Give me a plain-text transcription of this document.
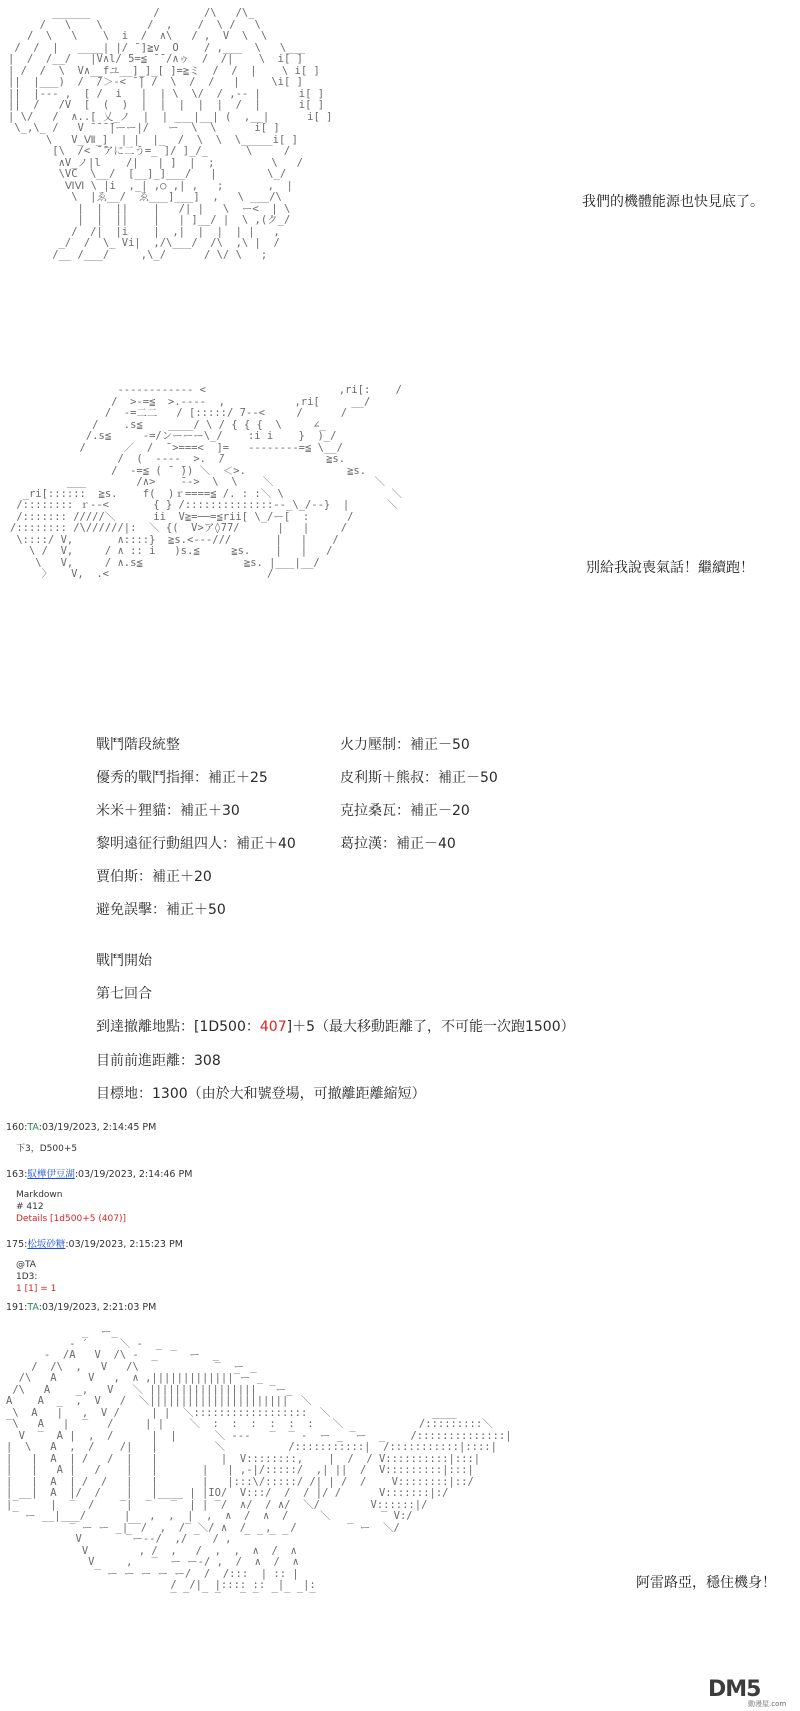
______          /       /\   /\_
/   \    \       /  ,    /  \ /   \
/  \   \    \  i  /  ∧\   / ,  V  \  \
/  /  |   ____| |/ ̄ ]≧v  O    / ,___  \   \___
|  /  /__/   |V∧l/ 5=≦ ̄ ̄ /∧ゥ  /  /|    \  i[ ]
| /  /  \  V∧__fユ__]_]_[ ]=≧ミ  /  /  |    \ i[ ]
||  |___)  /  ̄/＞-< ̄ ̄| /  \  /  /   |     \i[ ]
||  |--- ,  [ /  i   |  | \  \/  / ,-- |      i[ ]
||  /   /V  [  (  )  |  |  |  |  |  /  |      i[ ]
| \/   /  ∧..[ 乂_ノ  |  | ___|__| (  ,__|      i[ ]
\_,\_ /   V ̄ ̄ ̄ ̄|ーー|/   ー  \  \      i[ ]
\   V_Ⅶ_]  | |  |_  /  \  \  \_____i[ ]
[\  /< ̄ ̄アに二う=_ ]/ ]_/_      \     /
∧V_ノ|l    /|   | ]  |  ;         \   /
\VC  \__/  [__]_]___/   |        \_/
ⅥⅥ \ |i  ,_| ,○ ,| ,   ;       ,  |
\  |ゑ__/  ゑ___]___]  ,   \ ___/\
|  |  ||    |   /| |   \  ー<  | \
|  |  ||    |   | ]__/ |  \ ,(ク_/
/  /|  |i    |  ,|  |  |  | |   ,
_/  /  \_ Vi|  ,/\___/  /\  ,\ |  /
/__ /___/     ,\_/      / \/ \   ;

我們的機體能源也快見底了。
------------ <                     ,ri[:    /
/  >-=≦  >.----  ,           ,ri[     __/
/  -=二二   / [:::::/ 7--<     /      /
/    .s≦    ____/ \ / { { {  \     ∠_
/.s≦     -=/ンーーー\_/    :i i    }  )_/
/      ／  /  ̄ >===<  ]=   --------=≦ \__/
/  (  ----  >.  ̄/                ≧s.
/  -=≦ ( ̄  ̄)) ＼  ＜>.                ≧s.
___        /∧>    ̄-->  \  \    ＼                ＼
_ri[::::::  ≧s.    f(  )ｒ====≦ /. : :＼ \                 ＼
/:::::::: ｒ--<       { } /::::::::::::::--_\_/--}  |      ＼
/::::::: /////＼      ii  V≧=──=≦rii[ \_/ー[  :      /
/:::::::: /\//////|:  ＼ {(  V>ア◊77/      |   |     /
\::::/ V,       ∧::::}  ≧s.<---///       |   |    /
\ /  V,     / ∧ :: i   )s.≦     ≧s.    |   |   /
\   V,     / ∧.s≦                ≧s. |___|__/
〉   V,  .<                         /	別給我說喪氣話！繼續跑！
戰鬥階段統整
優秀的戰鬥指揮：補正＋25
米米＋狸貓：補正＋30
黎明遠征行動組四人：補正＋40
賈伯斯：補正＋20
避免誤擊：補正＋50
火力壓制：補正－50
皮利斯＋熊叔：補正－50
克拉桑瓦：補正－20
葛拉漢：補正－40
戰鬥開始
第七回合
到達撤離地點：[1D500：407]＋5（最大移動距離了，不可能一次跑1500）
目前前進距離：308
目標地：1300（由於大和號登場，可撤離距離縮短）
160:TA:03/19/2023, 2:14:45 PM
下3，D500+5
163:馭樺伊豆湖:03/19/2023, 2:14:46 PM
Markdown
# 412
Details [1d500+5 (407)]
175:松坂砂糖:03/19/2023, 2:15:23 PM
@TA
1D3:
1 [1] = 1
191:TA:03/19/2023, 2:21:03 PM
_  ー_
- ′     ＼ -  _
-  /A   V  /\ -  _  ‾  ー  _
/  /\  ,   V   /\            ‾  ー _
/\   A     V   ,  ∧ ,|||||||||||||‾ー _
/\   A    _,   V   ＼ |||||||||||||||||  ‾ー_
A    A  _  ,  V   /  ＼||||||||||||||||||||||  ＼
\  A   |   ,  V /     | |  ＼::::::::::::::::::  ＼                ____
‾\   A   |  ‾   /     | |    ＼  :  :  :  :  :  :   ＼            /:::::::::＼
V  ‾  A |  ,  /      |  |      ＼ ---   ‾  ‾ -  ー _ ‾ー  _    /::::::::::::::|
|  \   A  ,  /    /|   |         ＼          /:::::::::::|  /:::::::::::|::::|
|   |  A  | /   /  |   |          |  V::::::::,    |  /  / V::::::::::|:::|
|   |   A |   /    |   |       |   | ,-|/:::::/  ,| ||  /  V:::::::::|:::|
|   |  A  | /  /   |   |       |   |:::\/:::::/ /| | /  /    V::::::::|::/
| __|  A  |/  /    |   |____ | |IO/  V:::/  /  / |/ /      V:::::::|:/
|‾     |  ‾  /    ‾|  ‾   ‾  | | ‾/  ∧/  / ∧/  ＼/        V::::::|/
‾ ー __|___/      |   ,  ,  |  ,  ∧  /  ∧  /     ＼        ‾ V:/
‾ ー ー _|‾‾/  ,  /‾ ＼/ ∧  /   ,   /        ‾ ー  ＼/
V       ‾ー--/  ,/ ‾  / ,  ‾ ‾ ‾ ‾
V        , /  ,   /  ,  ,  ∧  /  ∧
V     ,   ‾  ー ー-/ ,  /  ∧  /  ∧
‾ ー ー ー ー ー/  /  /:::  | :: |
/  /|  |:::: ::  |   |:
‾ ‾  ‾ ‾   ‾ ‾  ‾ ‾ ‾ ‾

阿雷路亞，穩住機身！
DM5
動漫屋.com
